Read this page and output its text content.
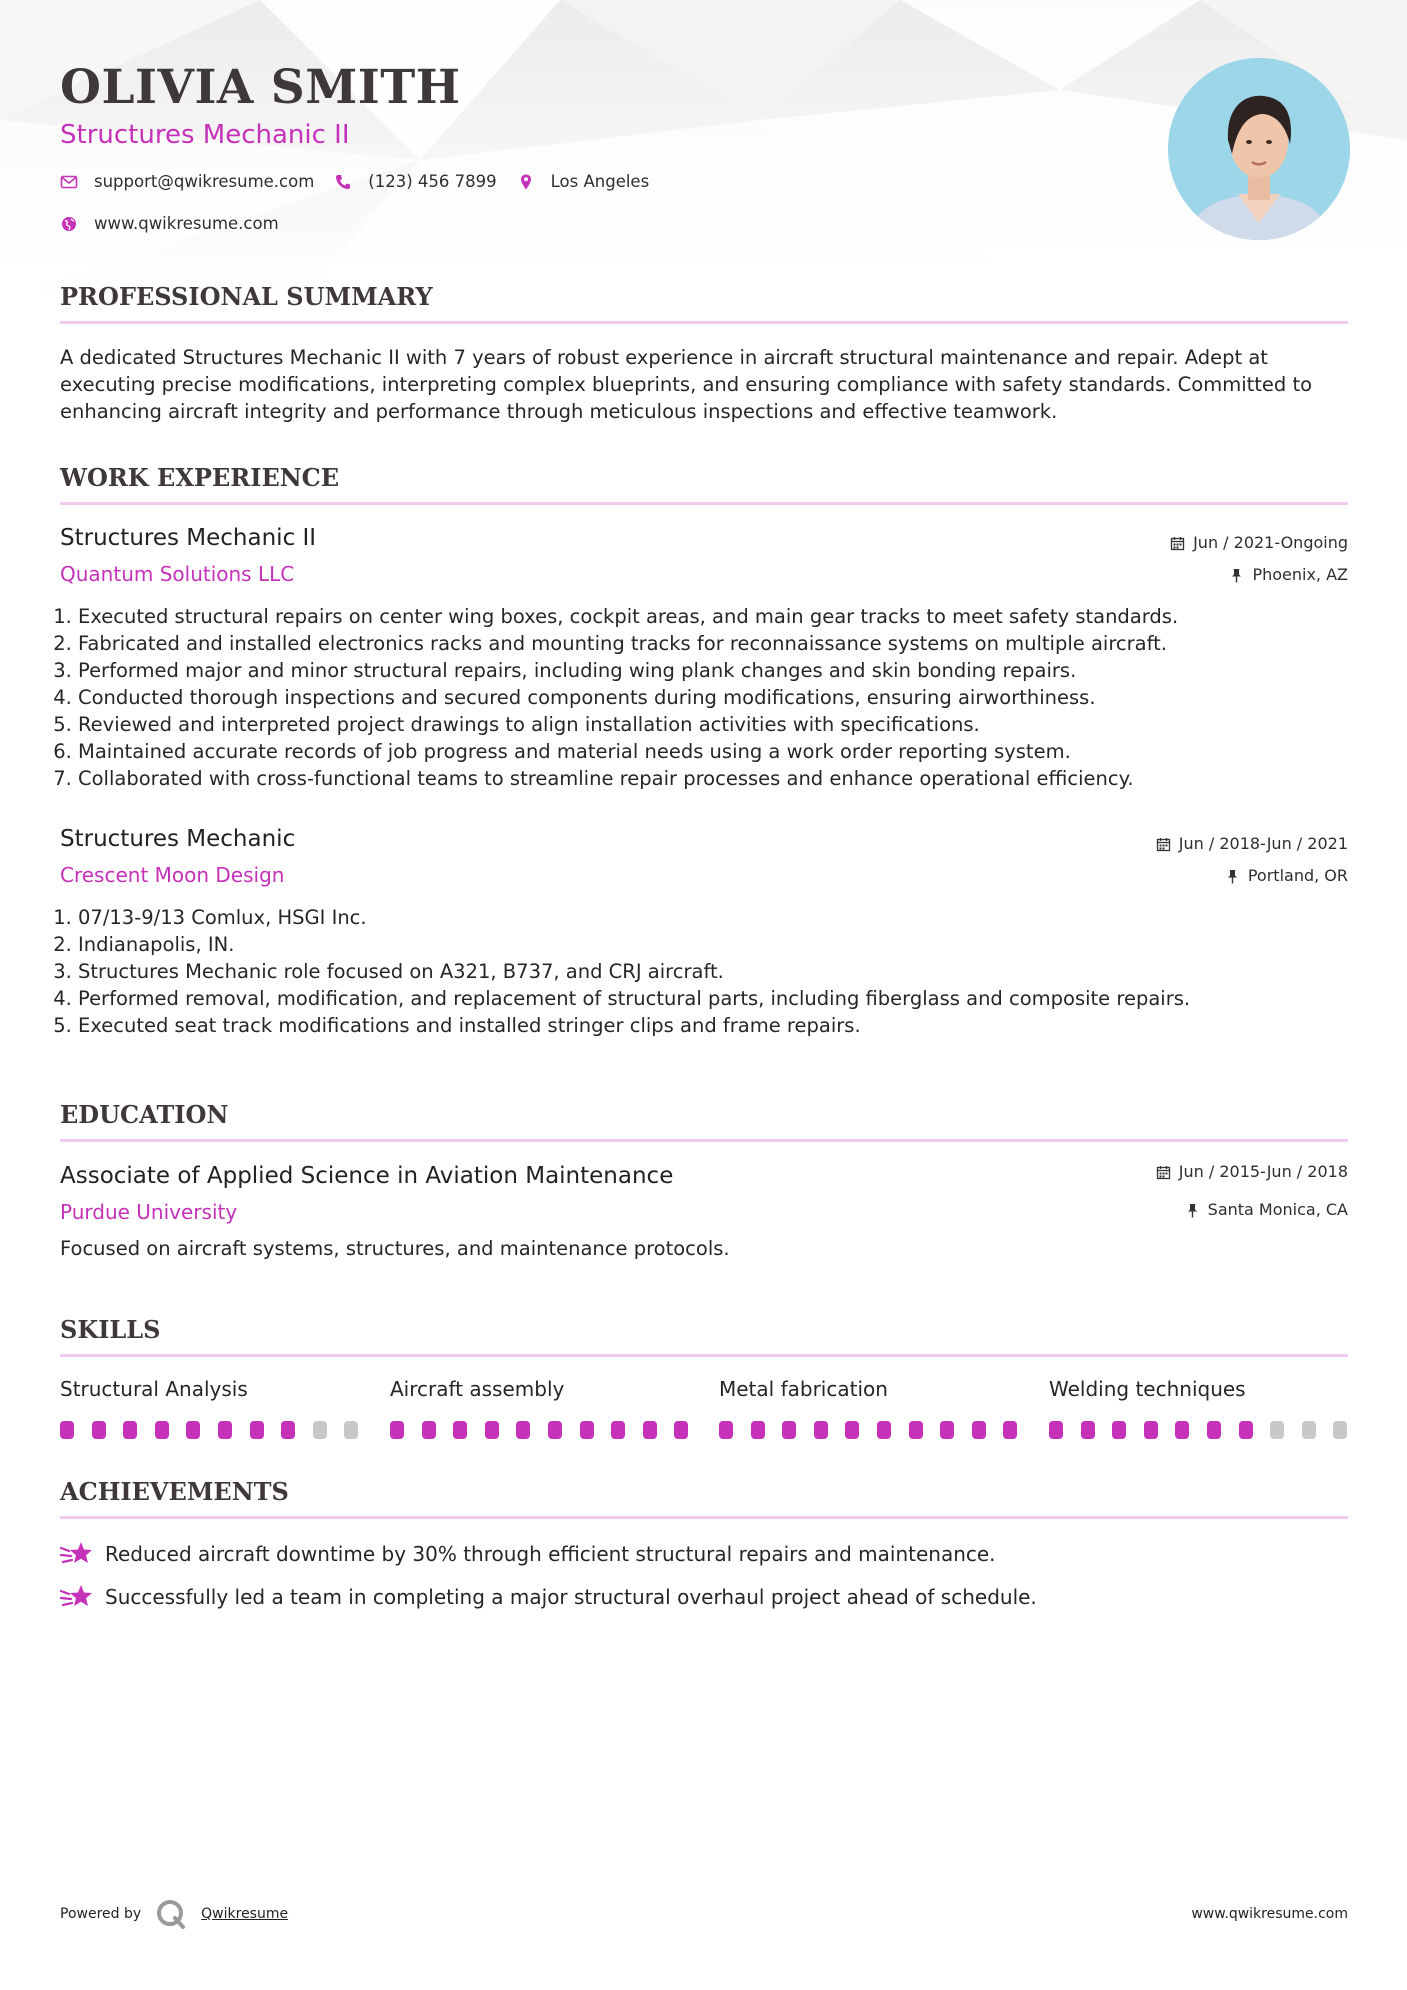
OLIVIA SMITH
Structures Mechanic II
support@qwikresume.com	(123) 456 7899	Los Angeles
www.qwikresume.com
PROFESSIONAL SUMMARY

A dedicated Structures Mechanic II with 7 years of robust experience in aircraft structural maintenance and repair. Adept at executing precise modifications, interpreting complex blueprints, and ensuring compliance with safety standards. Committed to enhancing aircraft integrity and performance through meticulous inspections and effective teamwork.

WORK EXPERIENCE
Structures Mechanic II
Quantum Solutions LLC
Jun / 2021-Ongoing
Phoenix, AZ
1. Executed structural repairs on center wing boxes, cockpit areas, and main gear tracks to meet safety standards.
2. Fabricated and installed electronics racks and mounting tracks for reconnaissance systems on multiple aircraft.
3. Performed major and minor structural repairs, including wing plank changes and skin bonding repairs.
4. Conducted thorough inspections and secured components during modifications, ensuring airworthiness.
5. Reviewed and interpreted project drawings to align installation activities with specifications.
6. Maintained accurate records of job progress and material needs using a work order reporting system.
7. Collaborated with cross-functional teams to streamline repair processes and enhance operational efficiency.
Structures Mechanic
Crescent Moon Design
Jun / 2018-Jun / 2021
Portland, OR
1. 07/13-9/13 Comlux, HSGI Inc.
2. Indianapolis, IN.
3. Structures Mechanic role focused on A321, B737, and CRJ aircraft.
4. Performed removal, modification, and replacement of structural parts, including fiberglass and composite repairs.
5. Executed seat track modifications and installed stringer clips and frame repairs.
EDUCATION
Associate of Applied Science in Aviation Maintenance
Purdue University
Jun / 2015-Jun / 2018
Santa Monica, CA

Focused on aircraft systems, structures, and maintenance protocols.

SKILLS
Structural Analysis	Aircraft assembly	Metal fabrication	Welding techniques
ACHIEVEMENTS
Reduced aircraft downtime by 30% through efficient structural repairs and maintenance.
Successfully led a team in completing a major structural overhaul project ahead of schedule.
Powered by	Qwikresume	www.qwikresume.com
